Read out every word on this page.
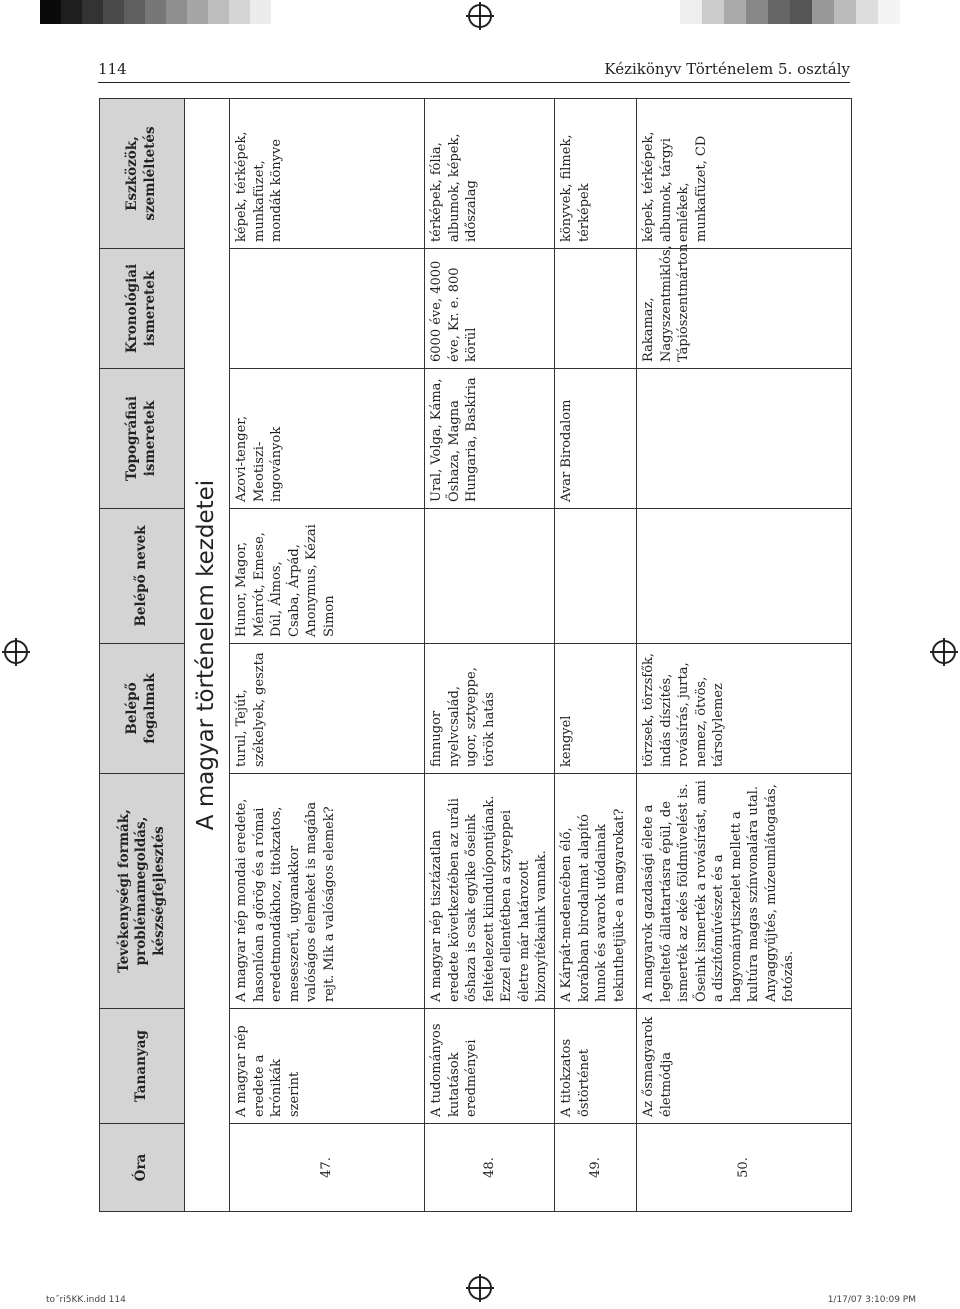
114	Kézikönyv Történelem 5. osztály
Óra	Tananyag	Tevékenységi formák, problémamegoldás, készségfejlesztés	Belépő fogalmak	Belépő nevek	Topográfiai ismeretek	Kronológiai ismeretek	Eszközök, szemléltetés
A magyar történelem kezdetei							
47.	A magyar nép eredete a krónikák szerint	A magyar nép mondai eredete, hasonlóan a görög és a római eredetmondákhoz, titokzatos, meseszerű, ugyanakkor valóságos elemeket is magába rejt. Mik a valóságos elemek?	turul, Tejút, székelyek, geszta	Hunor, Magor, Ménrót, Emese, Dúl, Álmos, Csaba, Árpád, Anonymus, Kézai Simon	Azovi-tenger, Meotiszi-ingoványok		képek, térképek, munkafüzet, mondák könyve
48.	A tudományos kutatások eredményei	A magyar nép tisztázatlan eredete következtében az uráli őshaza is csak egyike őseink feltételezett kiindulópontjának. Ezzel ellentétben a sztyeppei életre már határozott bizonyítékaink vannak.	finnugor nyelvcsalád, ugor, sztyeppe, török hatás		Ural, Volga, Káma, Őshaza, Magna Hungaria, Baskíria	6000 éve, 4000 éve, Kr. e. 800 körül	térképek, fólia, albumok, képek, időszalag
49.	A titokzatos őstörténet	A Kárpát-medencében élő, korábban birodalmat alapító hunok és avarok utódainak tekinthetjük-e a magyarokat?	kengyel		Avar Birodalom		könyvek, filmek, térképek
50.	Az ősmagyarok életmódja	A magyarok gazdasági élete a legeltető állattartásra épül, de ismerték az ekés földművelést is. Őseink ismerték a rovásírást, ami a díszítőművészet és a hagyománytisztelet mellett a kultúra magas színvonalára utal. Anyaggyűjtés, múzeumlátogatás, fotózás.	törzsek, törzsfők, indás díszítés, rovásírás, jurta, nemez, ötvös, társolylemez			Rakamaz, Nagyszentmiklós, Tápiószentmárton	képek, térképek, albumok, tárgyi emlékek, munkafüzet, CD
to˝ri5KK.indd 114	1/17/07 3:10:09 PM
